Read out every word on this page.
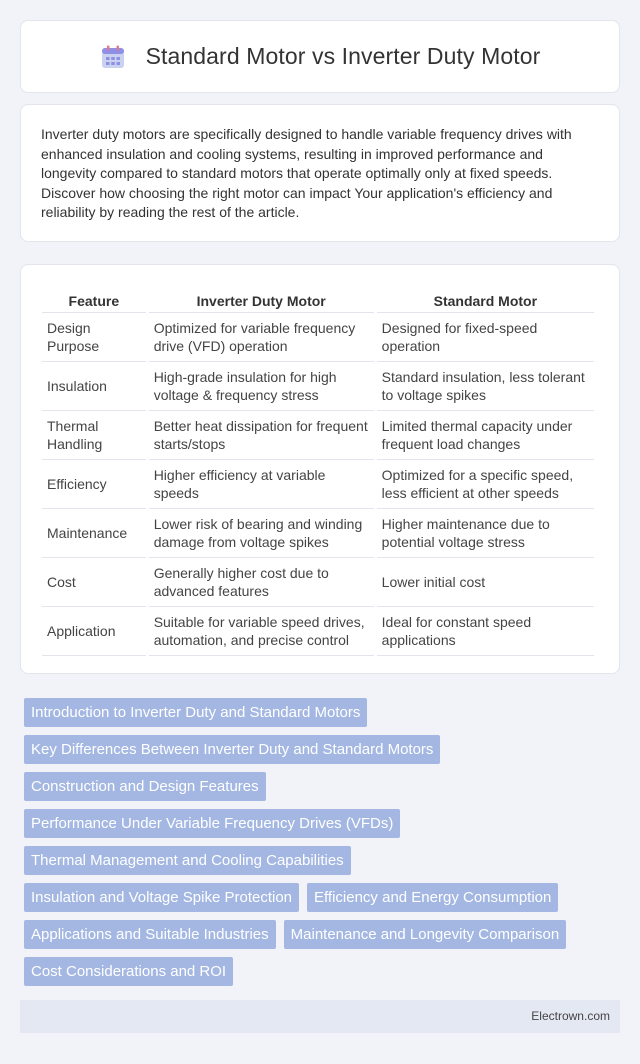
Standard Motor vs Inverter Duty Motor

Inverter duty motors are specifically designed to handle variable frequency drives with enhanced insulation and cooling systems, resulting in improved performance and longevity compared to standard motors that operate optimally only at fixed speeds. Discover how choosing the right motor can impact Your application's efficiency and reliability by reading the rest of the article.

Feature	Inverter Duty Motor	Standard Motor
Design Purpose	Optimized for variable frequency drive (VFD) operation	Designed for fixed-speed operation
Insulation	High-grade insulation for high voltage & frequency stress	Standard insulation, less tolerant to voltage spikes
Thermal Handling	Better heat dissipation for frequent starts/stops	Limited thermal capacity under frequent load changes
Efficiency	Higher efficiency at variable speeds	Optimized for a specific speed, less efficient at other speeds
Maintenance	Lower risk of bearing and winding damage from voltage spikes	Higher maintenance due to potential voltage stress
Cost	Generally higher cost due to advanced features	Lower initial cost
Application	Suitable for variable speed drives, automation, and precise control	Ideal for constant speed applications
Introduction to Inverter Duty and Standard Motors
Key Differences Between Inverter Duty and Standard Motors
Construction and Design Features
Performance Under Variable Frequency Drives (VFDs)
Thermal Management and Cooling Capabilities
Insulation and Voltage Spike Protection	Efficiency and Energy Consumption
Applications and Suitable Industries	Maintenance and Longevity Comparison
Cost Considerations and ROI
Electrown.com
